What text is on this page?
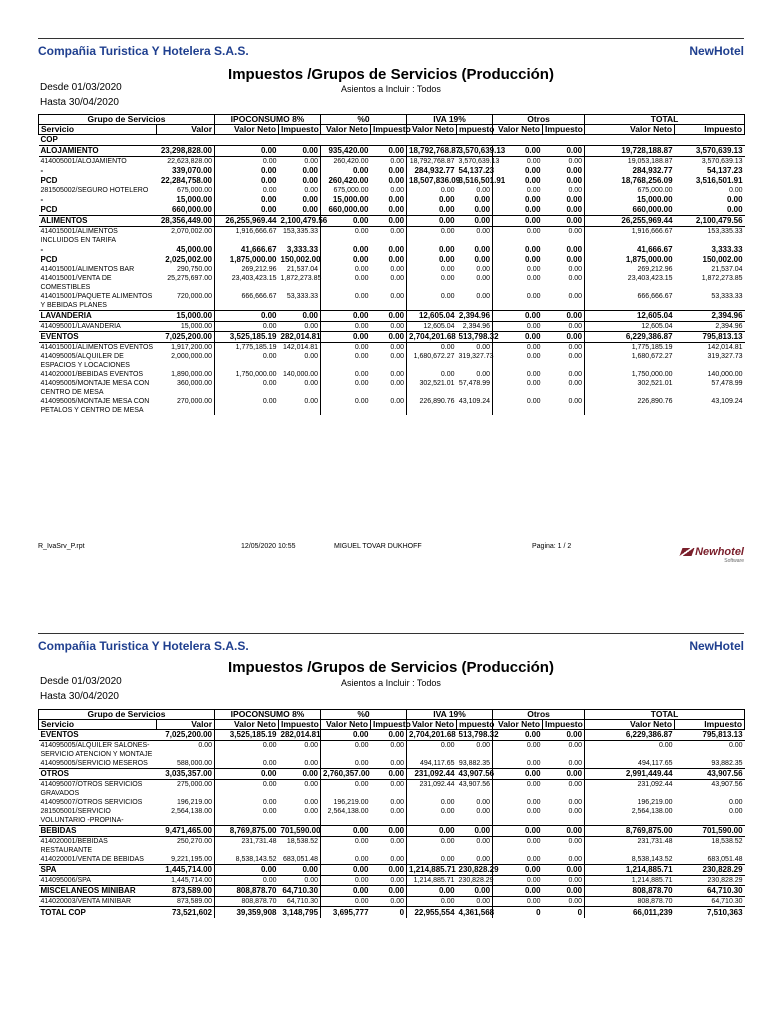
Compañia Turistica Y Hotelera S.A.S.	NewHotel
Impuestos /Grupos de Servicios (Producción)
Desde 01/03/2020	Asientos a Incluir : Todos
Hasta 30/04/2020
Grupo de Servicios		IPOCONSUMO 8%		%0		IVA 19%		Otros		TOTAL	
Servicio	Valor	Valor Neto	Impuesto	Valor Neto	Impuesto	Valor Neto	mpuesto	Valor Neto	Impuesto	Valor Neto	Impuesto
COP											
ALOJAMIENTO	23,298,828.00	0.00	0.00	935,420.00	0.00	18,792,768.87	3,570,639.13	0.00	0.00	19,728,188.87	3,570,639.13
414005001/ALOJAMIENTO	22,623,828.00	0.00	0.00	260,420.00	0.00	18,792,768.87	3,570,639.13	0.00	0.00	19,053,188.87	3,570,639.13
-	339,070.00	0.00	0.00	0.00	0.00	284,932.77	54,137.23	0.00	0.00	284,932.77	54,137.23
PCD	22,284,758.00	0.00	0.00	260,420.00	0.00	18,507,836.09	3,516,501.91	0.00	0.00	18,768,256.09	3,516,501.91
281505002/SEGURO HOTELERO	675,000.00	0.00	0.00	675,000.00	0.00	0.00	0.00	0.00	0.00	675,000.00	0.00
-	15,000.00	0.00	0.00	15,000.00	0.00	0.00	0.00	0.00	0.00	15,000.00	0.00
PCD	660,000.00	0.00	0.00	660,000.00	0.00	0.00	0.00	0.00	0.00	660,000.00	0.00
ALIMENTOS	28,356,449.00	26,255,969.44	2,100,479.56	0.00	0.00	0.00	0.00	0.00	0.00	26,255,969.44	2,100,479.56
414015001/ALIMENTOS INCLUIDOS EN TARIFA	2,070,002.00	1,916,666.67	153,335.33	0.00	0.00	0.00	0.00	0.00	0.00	1,916,666.67	153,335.33
-	45,000.00	41,666.67	3,333.33	0.00	0.00	0.00	0.00	0.00	0.00	41,666.67	3,333.33
PCD	2,025,002.00	1,875,000.00	150,002.00	0.00	0.00	0.00	0.00	0.00	0.00	1,875,000.00	150,002.00
414015001/ALIMENTOS BAR	290,750.00	269,212.96	21,537.04	0.00	0.00	0.00	0.00	0.00	0.00	269,212.96	21,537.04
414015001/VENTA DE COMESTIBLES	25,275,697.00	23,403,423.15	1,872,273.85	0.00	0.00	0.00	0.00	0.00	0.00	23,403,423.15	1,872,273.85
414015001/PAQUETE ALIMENTOS Y BEBIDAS PLANES	720,000.00	666,666.67	53,333.33	0.00	0.00	0.00	0.00	0.00	0.00	666,666.67	53,333.33
LAVANDERIA	15,000.00	0.00	0.00	0.00	0.00	12,605.04	2,394.96	0.00	0.00	12,605.04	2,394.96
414095001/LAVANDERIA	15,000.00	0.00	0.00	0.00	0.00	12,605.04	2,394.96	0.00	0.00	12,605.04	2,394.96
EVENTOS	7,025,200.00	3,525,185.19	282,014.81	0.00	0.00	2,704,201.68	513,798.32	0.00	0.00	6,229,386.87	795,813.13
414015001/ALIMENTOS EVENTOS	1,917,200.00	1,775,185.19	142,014.81	0.00	0.00	0.00	0.00	0.00	0.00	1,775,185.19	142,014.81
414095005/ALQUILER DE ESPACIOS Y LOCACIONES	2,000,000.00	0.00	0.00	0.00	0.00	1,680,672.27	319,327.73	0.00	0.00	1,680,672.27	319,327.73
414020001/BEBIDAS EVENTOS	1,890,000.00	1,750,000.00	140,000.00	0.00	0.00	0.00	0.00	0.00	0.00	1,750,000.00	140,000.00
414095005/MONTAJE MESA CON CENTRO DE MESA	360,000.00	0.00	0.00	0.00	0.00	302,521.01	57,478.99	0.00	0.00	302,521.01	57,478.99
414095005/MONTAJE MESA CON PETALOS Y CENTRO DE MESA	270,000.00	0.00	0.00	0.00	0.00	226,890.76	43,109.24	0.00	0.00	226,890.76	43,109.24
R_IvaSrv_P.rpt	12/05/2020 10:55	MIGUEL TOVAR DUKHOFF	Pagina: 1 / 2	Newhotel
Software
Compañia Turistica Y Hotelera S.A.S.	NewHotel
Impuestos /Grupos de Servicios (Producción)
Desde 01/03/2020	Asientos a Incluir : Todos
Hasta 30/04/2020
Grupo de Servicios		IPOCONSUMO 8%		%0		IVA 19%		Otros		TOTAL	
Servicio	Valor	Valor Neto	Impuesto	Valor Neto	Impuesto	Valor Neto	mpuesto	Valor Neto	Impuesto	Valor Neto	Impuesto
EVENTOS	7,025,200.00	3,525,185.19	282,014.81	0.00	0.00	2,704,201.68	513,798.32	0.00	0.00	6,229,386.87	795,813.13
414095005/ALQUILER SALONES-SERVICIO ATENCION Y MONTAJE	0.00	0.00	0.00	0.00	0.00	0.00	0.00	0.00	0.00	0.00	0.00
414095005/SERVICIO MESEROS	588,000.00	0.00	0.00	0.00	0.00	494,117.65	93,882.35	0.00	0.00	494,117.65	93,882.35
OTROS	3,035,357.00	0.00	0.00	2,760,357.00	0.00	231,092.44	43,907.56	0.00	0.00	2,991,449.44	43,907.56
414095007/OTROS SERVICIOS GRAVADOS	275,000.00	0.00	0.00	0.00	0.00	231,092.44	43,907.56	0.00	0.00	231,092.44	43,907.56
414095007/OTROS SERVICIOS	196,219.00	0.00	0.00	196,219.00	0.00	0.00	0.00	0.00	0.00	196,219.00	0.00
281505001/SERVICIO VOLUNTARIO -PROPINA-	2,564,138.00	0.00	0.00	2,564,138.00	0.00	0.00	0.00	0.00	0.00	2,564,138.00	0.00
BEBIDAS	9,471,465.00	8,769,875.00	701,590.00	0.00	0.00	0.00	0.00	0.00	0.00	8,769,875.00	701,590.00
414020001/BEBIDAS RESTAURANTE	250,270.00	231,731.48	18,538.52	0.00	0.00	0.00	0.00	0.00	0.00	231,731.48	18,538.52
414020001/VENTA DE BEBIDAS	9,221,195.00	8,538,143.52	683,051.48	0.00	0.00	0.00	0.00	0.00	0.00	8,538,143.52	683,051.48
SPA	1,445,714.00	0.00	0.00	0.00	0.00	1,214,885.71	230,828.29	0.00	0.00	1,214,885.71	230,828.29
414095006/SPA	1,445,714.00	0.00	0.00	0.00	0.00	1,214,885.71	230,828.29	0.00	0.00	1,214,885.71	230,828.29
MISCELANEOS MINIBAR	873,589.00	808,878.70	64,710.30	0.00	0.00	0.00	0.00	0.00	0.00	808,878.70	64,710.30
414020003/VENTA MINIBAR	873,589.00	808,878.70	64,710.30	0.00	0.00	0.00	0.00	0.00	0.00	808,878.70	64,710.30
TOTAL COP	73,521,602	39,359,908	3,148,795	3,695,777	0	22,955,554	4,361,568	0	0	66,011,239	7,510,363
